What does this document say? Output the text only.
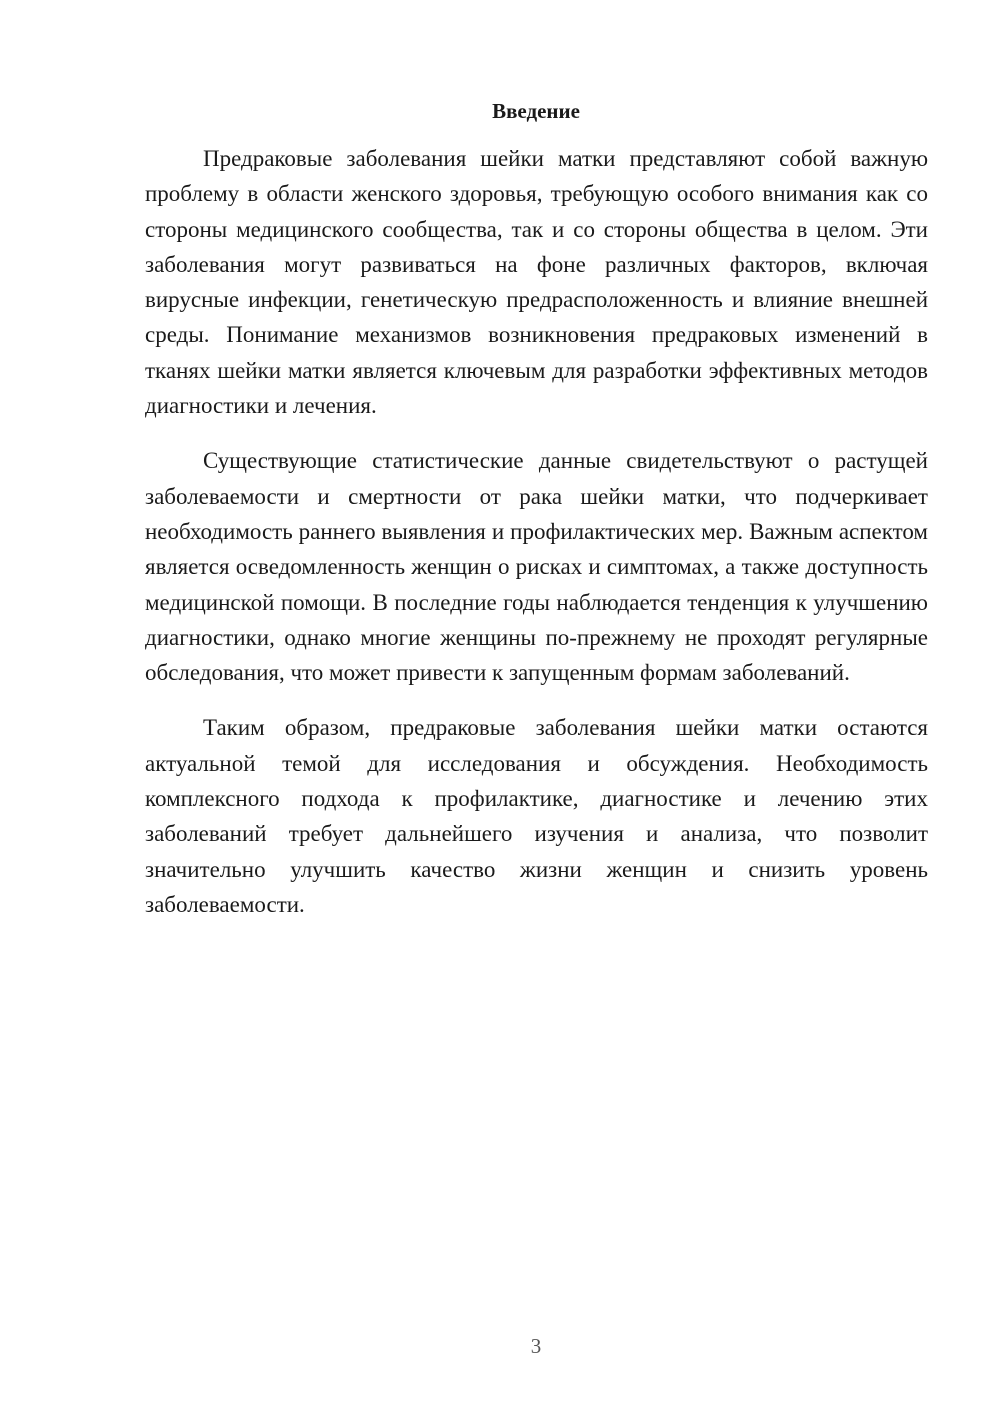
Введение

Предраковые заболевания шейки матки представляют собой важную проблему в области женского здоровья, требующую особого внимания как со стороны медицинского сообщества, так и со стороны общества в целом. Эти заболевания могут развиваться на фоне различных факторов, включая вирусные инфекции, генетическую предрасположенность и влияние внешней среды. Понимание механизмов возникновения предраковых изменений в тканях шейки матки является ключевым для разработки эффективных методов диагностики и лечения.

Существующие статистические данные свидетельствуют о растущей заболеваемости и смертности от рака шейки матки, что подчеркивает необходимость раннего выявления и профилактических мер. Важным аспектом является осведомленность женщин о рисках и симптомах, а также доступность медицинской помощи. В последние годы наблюдается тенденция к улучшению диагностики, однако многие женщины по-прежнему не проходят регулярные обследования, что может привести к запущенным формам заболеваний.

Таким образом, предраковые заболевания шейки матки остаются актуальной темой для исследования и обсуждения. Необходимость комплексного подхода к профилактике, диагностике и лечению этих заболеваний требует дальнейшего изучения и анализа, что позволит значительно улучшить качество жизни женщин и снизить уровень заболеваемости.

3
